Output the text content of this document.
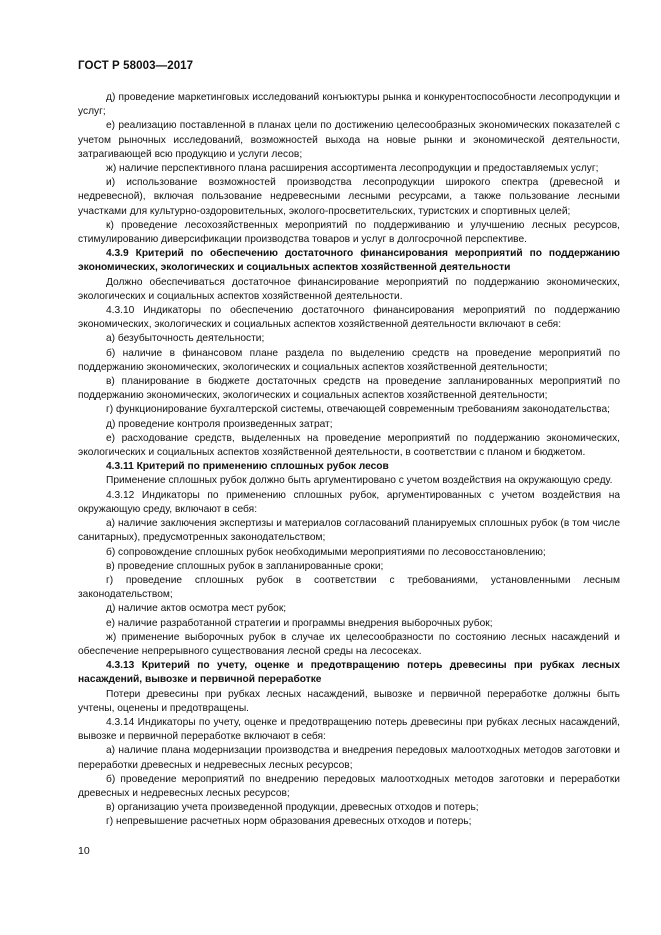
ГОСТ Р 58003—2017

д) проведение маркетинговых исследований конъюктуры рынка и конкурентоспособности лесопродукции и услуг;

е) реализацию поставленной в планах цели по достижению целесообразных экономических показателей с учетом рыночных исследований, возможностей выхода на новые рынки и экономической деятельности, затрагивающей всю продукцию и услуги лесов;

ж) наличие перспективного плана расширения ассортимента лесопродукции и предоставляемых услуг;

и) использование возможностей производства лесопродукции широкого спектра (древесной и недревесной), включая пользование недревесными лесными ресурсами, а также пользование лесными участками для культурно-оздоровительных, эколого-просветительских, туристских и спортивных целей;

к) проведение лесохозяйственных мероприятий по поддерживанию и улучшению лесных ресурсов, стимулированию диверсификации производства товаров и услуг в долгосрочной перспективе.

4.3.9 Критерий по обеспечению достаточного финансирования мероприятий по поддержанию экономических, экологических и социальных аспектов хозяйственной деятельности

Должно обеспечиваться достаточное финансирование мероприятий по поддержанию экономических, экологических и социальных аспектов хозяйственной деятельности.

4.3.10 Индикаторы по обеспечению достаточного финансирования мероприятий по поддержанию экономических, экологических и социальных аспектов хозяйственной деятельности включают в себя:

а) безубыточность деятельности;

б) наличие в финансовом плане раздела по выделению средств на проведение мероприятий по поддержанию экономических, экологических и социальных аспектов хозяйственной деятельности;

в) планирование в бюджете достаточных средств на проведение запланированных мероприятий по поддержанию экономических, экологических и социальных аспектов хозяйственной деятельности;

г) функционирование бухгалтерской системы, отвечающей современным требованиям законодательства;

д) проведение контроля произведенных затрат;

е) расходование средств, выделенных на проведение мероприятий по поддержанию экономических, экологических и социальных аспектов хозяйственной деятельности, в соответствии с планом и бюджетом.

4.3.11 Критерий по применению сплошных рубок лесов

Применение сплошных рубок должно быть аргументировано с учетом воздействия на окружающую среду.

4.3.12 Индикаторы по применению сплошных рубок, аргументированных с учетом воздействия на окружающую среду, включают в себя:

а) наличие заключения экспертизы и материалов согласований планируемых сплошных рубок (в том числе санитарных), предусмотренных законодательством;

б) сопровождение сплошных рубок необходимыми мероприятиями по лесовосстановлению;

в) проведение сплошных рубок в запланированные сроки;

г) проведение сплошных рубок в соответствии с требованиями, установленными лесным законодательством;

д) наличие актов осмотра мест рубок;

е) наличие разработанной стратегии и программы внедрения выборочных рубок;

ж) применение выборочных рубок в случае их целесообразности по состоянию лесных насаждений и обеспечение непрерывного существования лесной среды на лесосеках.

4.3.13 Критерий по учету, оценке и предотвращению потерь древесины при рубках лесных насаждений, вывозке и первичной переработке

Потери древесины при рубках лесных насаждений, вывозке и первичной переработке должны быть учтены, оценены и предотвращены.

4.3.14 Индикаторы по учету, оценке и предотвращению потерь древесины при рубках лесных насаждений, вывозке и первичной переработке включают в себя:

а) наличие плана модернизации производства и внедрения передовых малоотходных методов заготовки и переработки древесных и недревесных лесных ресурсов;

б) проведение мероприятий по внедрению передовых малоотходных методов заготовки и переработки древесных и недревесных лесных ресурсов;

в) организацию учета произведенной продукции, древесных отходов и потерь;

г) непревышение расчетных норм образования древесных отходов и потерь;

10
